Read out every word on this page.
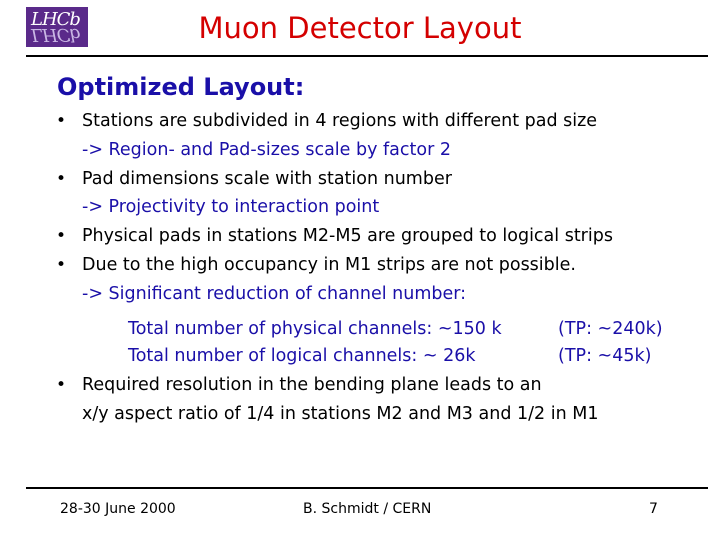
LHCb
LHCb	Muon Detector Layout
Optimized Layout:
• Stations are subdivided in 4 regions with different pad size
-> Region- and Pad-sizes scale by factor 2
• Pad dimensions scale with station number
-> Projectivity to interaction point
• Physical pads in stations M2-M5 are grouped to logical strips
• Due to the high occupancy in M1 strips are not possible.
-> Significant reduction of channel number:
Total number of physical channels: ~150 k	(TP: ~240k)
Total number of logical channels: ~ 26k	(TP: ~45k)
• Required resolution in the bending plane leads to an
x/y aspect ratio of 1/4 in stations M2 and M3 and 1/2 in M1
28-30 June 2000	B. Schmidt / CERN	7
